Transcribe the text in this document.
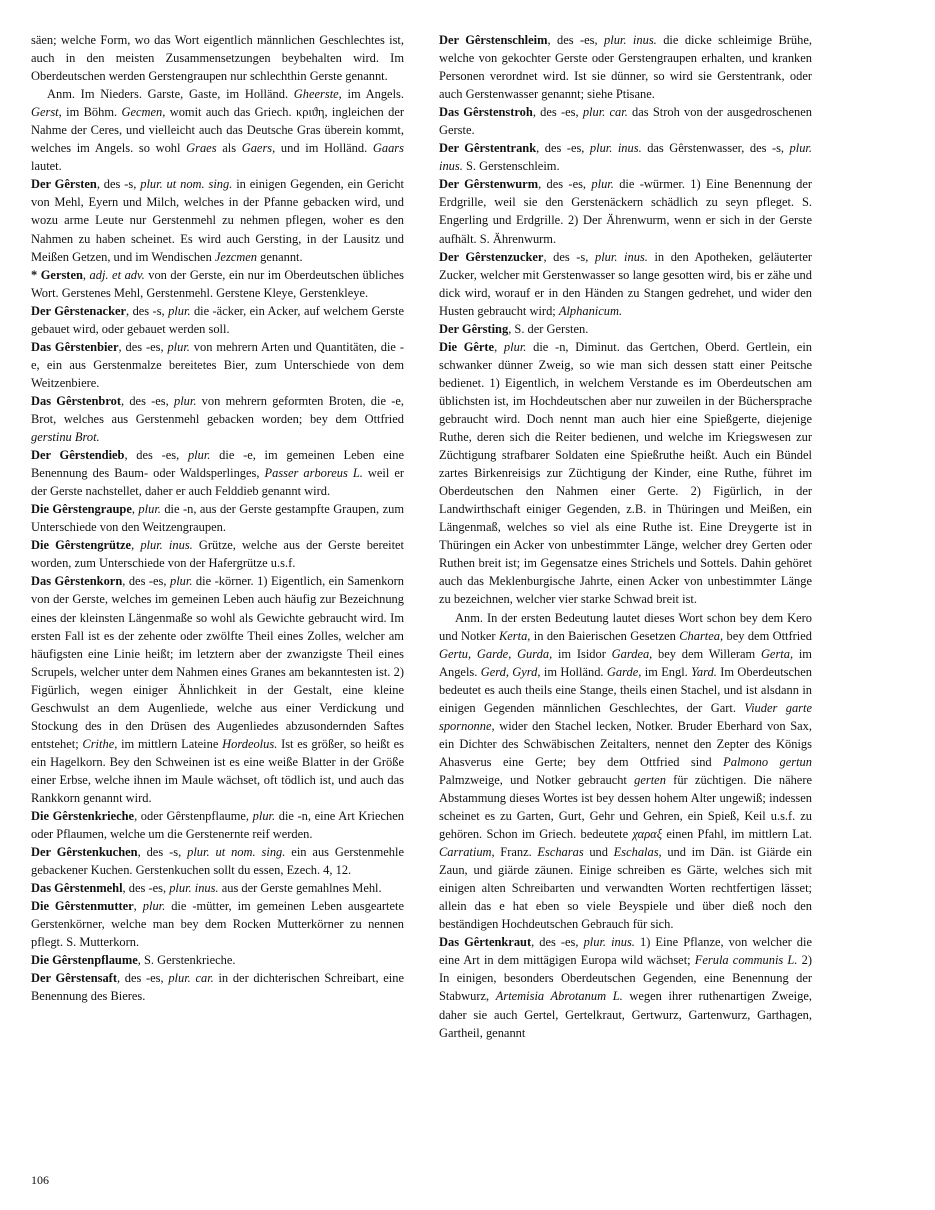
säen; welche Form, wo das Wort eigentlich männlichen Geschlechtes ist, auch in den meisten Zusammensetzungen beybehalten wird. Im Oberdeutschen werden Gerstengraupen nur schlechthin Gerste genannt.

Anm. Im Nieders. Garste, Gaste, im Holländ. Gheerste, im Angels. Gerst, im Böhm. Gecmen, womit auch das Griech. κριϑη, ingleichen der Nahme der Ceres, und vielleicht auch das Deutsche Gras überein kommt, welches im Angels. so wohl Graes als Gaers, und im Holländ. Gaars lautet.

Der Gêrsten, des -s, plur. ut nom. sing. in einigen Gegenden, ein Gericht von Mehl, Eyern und Milch, welches in der Pfanne gebacken wird, und wozu arme Leute nur Gerstenmehl zu nehmen pflegen, woher es den Nahmen zu haben scheinet. Es wird auch Gersting, in der Lausitz und Meißen Getzen, und im Wendischen Jezcmen genannt.

* Gersten, adj. et adv. von der Gerste, ein nur im Oberdeutschen übliches Wort. Gerstenes Mehl, Gerstenmehl. Gerstene Kleye, Gerstenkleye.

Der Gêrstenacker, des -s, plur. die -äcker, ein Acker, auf welchem Gerste gebauet wird, oder gebauet werden soll.

Das Gêrstenbier, des -es, plur. von mehrern Arten und Quantitäten, die -e, ein aus Gerstenmalze bereitetes Bier, zum Unterschiede von dem Weitzenbiere.

Das Gêrstenbrot, des -es, plur. von mehrern geformten Broten, die -e, Brot, welches aus Gerstenmehl gebacken worden; bey dem Ottfried gerstinu Brot.

Der Gêrstendieb, des -es, plur. die -e, im gemeinen Leben eine Benennung des Baum- oder Waldsperlinges, Passer arboreus L. weil er der Gerste nachstellet, daher er auch Felddieb genannt wird.

Die Gêrstengraupe, plur. die -n, aus der Gerste gestampfte Graupen, zum Unterschiede von den Weitzengraupen.

Die Gêrstengrütze, plur. inus. Grütze, welche aus der Gerste bereitet worden, zum Unterschiede von der Hafergrütze u.s.f.

Das Gêrstenkorn, des -es, plur. die -körner. 1) Eigentlich, ein Samenkorn von der Gerste, welches im gemeinen Leben auch häufig zur Bezeichnung eines der kleinsten Längenmaße so wohl als Gewichte gebraucht wird. Im ersten Fall ist es der zehente oder zwölfte Theil eines Zolles, welcher am häufigsten eine Linie heißt; im letztern aber der zwanzigste Theil eines Scrupels, welcher unter dem Nahmen eines Granes am bekanntesten ist. 2) Figürlich, wegen einiger Ähnlichkeit in der Gestalt, eine kleine Geschwulst an dem Augenliede, welche aus einer Verdickung und Stockung des in den Drüsen des Augenliedes abzusondernden Saftes entstehet; Crithe, im mittlern Lateine Hordeolus. Ist es größer, so heißt es ein Hagelkorn. Bey den Schweinen ist es eine weiße Blatter in der Größe einer Erbse, welche ihnen im Maule wächset, oft tödlich ist, und auch das Rankkorn genannt wird.

Die Gêrstenkrieche, oder Gêrstenpflaume, plur. die -n, eine Art Kriechen oder Pflaumen, welche um die Gerstenernte reif werden.

Der Gêrstenkuchen, des -s, plur. ut nom. sing. ein aus Gerstenmehle gebackener Kuchen. Gerstenkuchen sollt du essen, Ezech. 4, 12.

Das Gêrstenmehl, des -es, plur. inus. aus der Gerste gemahlnes Mehl.

Die Gêrstenmutter, plur. die -mütter, im gemeinen Leben ausgeartete Gerstenkörner, welche man bey dem Rocken Mutterkörner zu nennen pflegt. S. Mutterkorn.

Die Gêrstenpflaume, S. Gerstenkrieche.

Der Gêrstensaft, des -es, plur. car. in der dichterischen Schreibart, eine Benennung des Bieres.

Der Gêrstenschleim, des -es, plur. inus. die dicke schleimige Brühe, welche von gekochter Gerste oder Gerstengraupen erhalten, und kranken Personen verordnet wird. Ist sie dünner, so wird sie Gerstentrank, oder auch Gerstenwasser genannt; siehe Ptisane.

Das Gêrstenstroh, des -es, plur. car. das Stroh von der ausgedroschenen Gerste.

Der Gêrstentrank, des -es, plur. inus. das Gêrstenwasser, des -s, plur. inus. S. Gerstenschleim.

Der Gêrstenwurm, des -es, plur. die -würmer. 1) Eine Benennung der Erdgrille, weil sie den Gerstenäckern schädlich zu seyn pfleget. S. Engerling und Erdgrille. 2) Der Ährenwurm, wenn er sich in der Gerste aufhält. S. Ährenwurm.

Der Gêrstenzucker, des -s, plur. inus. in den Apotheken, geläuterter Zucker, welcher mit Gerstenwasser so lange gesotten wird, bis er zähe und dick wird, worauf er in den Händen zu Stangen gedrehet, und wider den Husten gebraucht wird; Alphanicum.

Der Gêrsting, S. der Gersten.

Die Gêrte, plur. die -n, Diminut. das Gertchen, Oberd. Gertlein, ein schwanker dünner Zweig, so wie man sich dessen statt einer Peitsche bedienet. 1) Eigentlich, in welchem Verstande es im Oberdeutschen am üblichsten ist, im Hochdeutschen aber nur zuweilen in der Büchersprache gebraucht wird. Doch nennt man auch hier eine Spießgerte, diejenige Ruthe, deren sich die Reiter bedienen, und welche im Kriegswesen zur Züchtigung strafbarer Soldaten eine Spießruthe heißt. Auch ein Bündel zartes Birkenreisigs zur Züchtigung der Kinder, eine Ruthe, führet im Oberdeutschen den Nahmen einer Gerte. 2) Figürlich, in der Landwirthschaft einiger Gegenden, z.B. in Thüringen und Meißen, ein Längenmaß, welches so viel als eine Ruthe ist. Eine Dreygerte ist in Thüringen ein Acker von unbestimmter Länge, welcher drey Gerten oder Ruthen breit ist; im Gegensatze eines Strichels und Sottels. Dahin gehöret auch das Meklenburgische Jahrte, einen Acker von unbestimmter Länge zu bezeichnen, welcher vier starke Schwad breit ist.

Anm. In der ersten Bedeutung lautet dieses Wort schon bey dem Kero und Notker Kerta, in den Baierischen Gesetzen Chartea, bey dem Ottfried Gertu, Garde, Gurda, im Isidor Gardea, bey dem Willeram Gerta, im Angels. Gerd, Gyrd, im Holländ. Garde, im Engl. Yard. Im Oberdeutschen bedeutet es auch theils eine Stange, theils einen Stachel, und ist alsdann in einigen Gegenden männlichen Geschlechtes, der Gart. Viuder garte spornonne, wider den Stachel lecken, Notker. Bruder Eberhard von Sax, ein Dichter des Schwäbischen Zeitalters, nennet den Zepter des Königs Ahasverus eine Gerte; bey dem Ottfried sind Palmono gertun Palmzweige, und Notker gebraucht gerten für züchtigen. Die nähere Abstammung dieses Wortes ist bey dessen hohem Alter ungewiß; indessen scheinet es zu Garten, Gurt, Gehr und Gehren, ein Spieß, Keil u.s.f. zu gehören. Schon im Griech. bedeutete χαραξ einen Pfahl, im mittlern Lat. Carratium, Franz. Escharas und Eschalas, und im Dän. ist Giärde ein Zaun, und giärde zäunen. Einige schreiben es Gärte, welches sich mit einigen alten Schreibarten und verwandten Worten rechtfertigen lässet; allein das e hat eben so viele Beyspiele und über dieß noch den beständigen Hochdeutschen Gebrauch für sich.

Das Gêrtenkraut, des -es, plur. inus. 1) Eine Pflanze, von welcher die eine Art in dem mittägigen Europa wild wächset; Ferula communis L. 2) In einigen, besonders Oberdeutschen Gegenden, eine Benennung der Stabwurz, Artemisia Abrotanum L. wegen ihrer ruthenartigen Zweige, daher sie auch Gertel, Gertelkraut, Gertwurz, Gartenwurz, Garthagen, Gartheil, genannt

106
